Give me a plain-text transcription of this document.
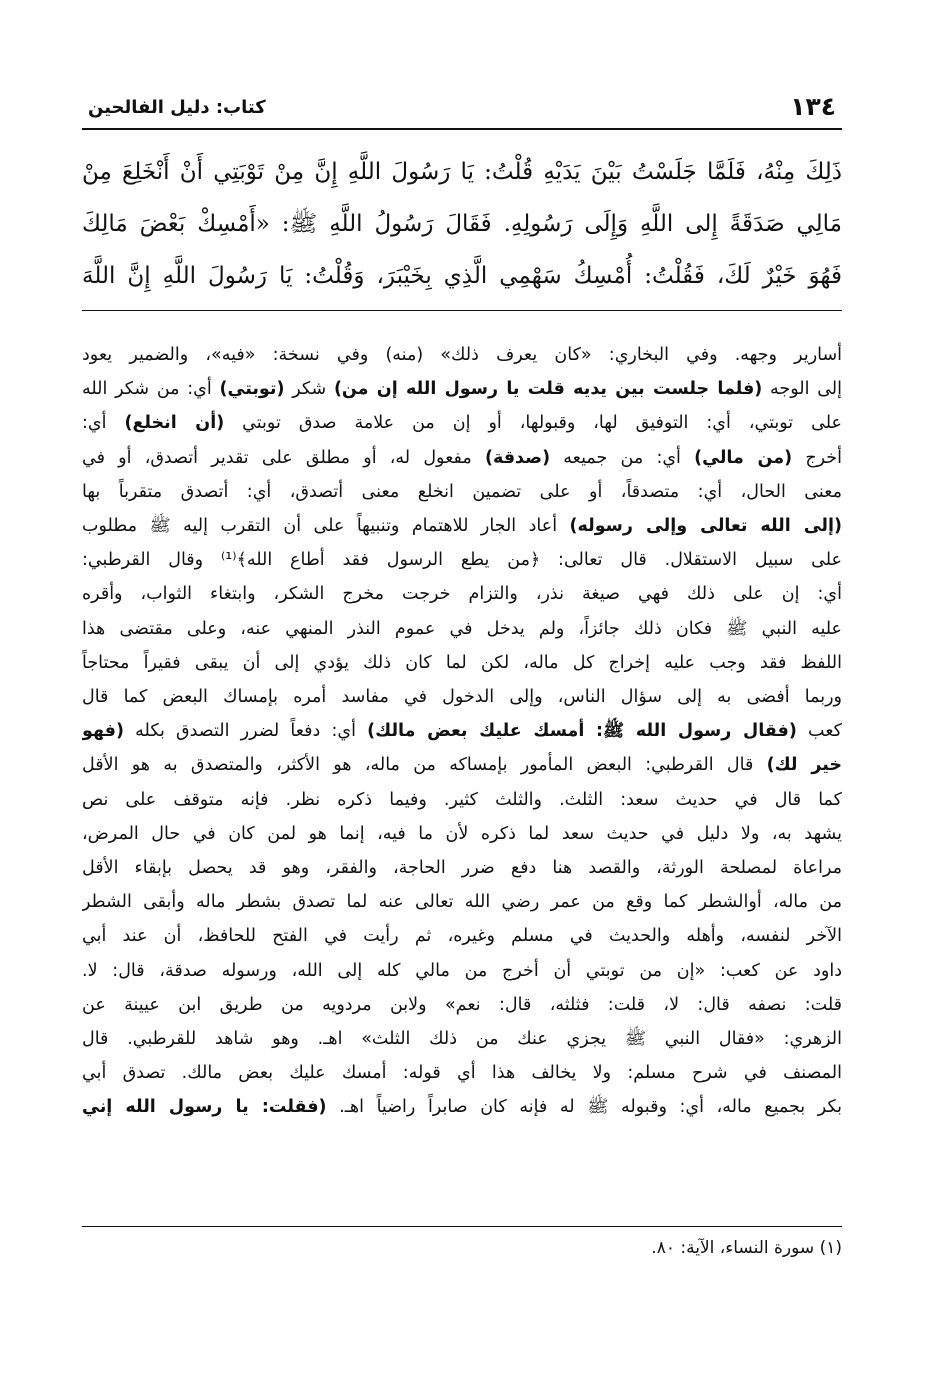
١٣٤
كتاب: دليل الفالحين
ذَلِكَ مِنْهُ، فَلَمَّا جَلَسْتُ بَيْنَ يَدَيْهِ قُلْتُ: يَا رَسُولَ اللَّهِ إِنَّ مِنْ تَوْبَتِي أَنْ أَنْخَلِعَ مِنْ
مَالِي صَدَقَةً إِلى اللَّهِ وَإِلَى رَسُولِهِ. فَقَالَ رَسُولُ اللَّهِ ﷺ: «أَمْسِكْ بَعْضَ مَالِكَ
فَهُوَ خَيْرٌ لَكَ، فَقُلْتُ: أُمْسِكُ سَهْمِي الَّذِي بِخَيْبَرَ، وَقُلْتُ: يَا رَسُولَ اللَّهِ إِنَّ اللَّهَ
أسارير وجهه. وفي البخاري: «كان يعرف ذلك» (منه) وفي نسخة: «فيه»، والضمير يعود
إلى الوجه (فلما جلست بين يديه قلت يا رسول الله إن من) شكر (توبتي) أي: من شكر الله
على توبتي، أي: التوفيق لها، وقبولها، أو إن من علامة صدق توبتي (أن انخلع) أي:
أخرج (من مالي) أي: من جميعه (صدقة) مفعول له، أو مطلق على تقدير أتصدق، أو في
معنى الحال، أي: متصدقاً، أو على تضمين انخلع معنى أتصدق، أي: أتصدق متقرباً بها
(إلى الله تعالى وإلى رسوله) أعاد الجار للاهتمام وتنبيهاً على أن التقرب إليه ﷺ مطلوب
على سبيل الاستقلال. قال تعالى: ﴿من يطع الرسول فقد أطاع الله﴾⁽¹⁾ وقال القرطبي:
أي: إن على ذلك فهي صيغة نذر، والتزام خرجت مخرج الشكر، وابتغاء الثواب، وأقره
عليه النبي ﷺ فكان ذلك جائزاً، ولم يدخل في عموم النذر المنهي عنه، وعلى مقتضى هذا
اللفظ فقد وجب عليه إخراج كل ماله، لكن لما كان ذلك يؤدي إلى أن يبقى فقيراً محتاجاً
وربما أفضى به إلى سؤال الناس، وإلى الدخول في مفاسد أمره بإمساك البعض كما قال
كعب (فقال رسول الله ﷺ: أمسك عليك بعض مالك) أي: دفعاً لضرر التصدق بكله (فهو
خير لك) قال القرطبي: البعض المأمور بإمساكه من ماله، هو الأكثر، والمتصدق به هو الأقل
كما قال في حديث سعد: الثلث. والثلث كثير. وفيما ذكره نظر. فإنه متوقف على نص
يشهد به، ولا دليل في حديث سعد لما ذكره لأن ما فيه، إنما هو لمن كان في حال المرض،
مراعاة لمصلحة الورثة، والقصد هنا دفع ضرر الحاجة، والفقر، وهو قد يحصل بإبقاء الأقل
من ماله، أوالشطر كما وقع من عمر رضي الله تعالى عنه لما تصدق بشطر ماله وأبقى الشطر
الآخر لنفسه، وأهله والحديث في مسلم وغيره، ثم رأيت في الفتح للحافظ، أن عند أبي
داود عن كعب: «إن من توبتي أن أخرج من مالي كله إلى الله، ورسوله صدقة، قال: لا.
قلت: نصفه قال: لا، قلت: فثلثه، قال: نعم» ولابن مردويه من طريق ابن عيينة عن
الزهري: «فقال النبي ﷺ يجزي عنك من ذلك الثلث» اهـ. وهو شاهد للقرطبي. قال
المصنف في شرح مسلم: ولا يخالف هذا أي قوله: أمسك عليك بعض مالك. تصدق أبي
بكر بجميع ماله، أي: وقبوله ﷺ له فإنه كان صابراً راضياً اهـ. (فقلت: يا رسول الله إني
(١) سورة النساء، الآية: ٨٠.
